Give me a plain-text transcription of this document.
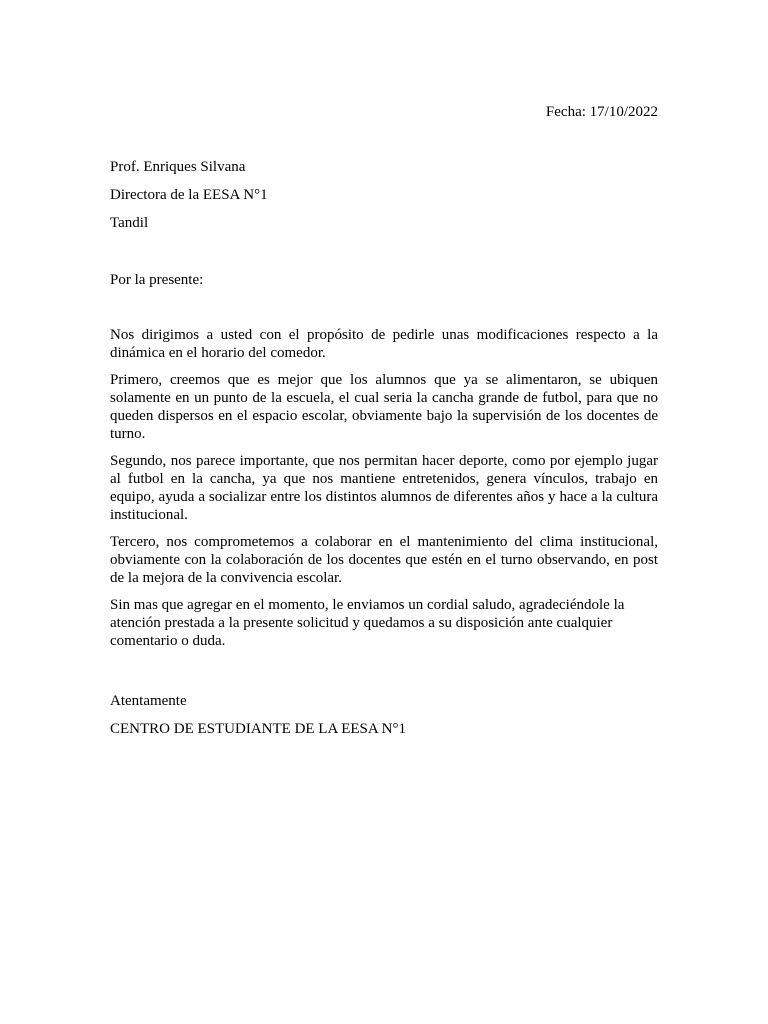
Fecha: 17/10/2022
Prof. Enriques Silvana
Directora de la EESA N°1
Tandil
Por la presente:

Nos dirigimos a usted con el propósito de pedirle unas modificaciones respecto a la dinámica en el horario del comedor.

Primero, creemos que es mejor que los alumnos que ya se alimentaron, se ubiquen solamente en un punto de la escuela, el cual seria la cancha grande de futbol, para que no queden dispersos en el espacio escolar, obviamente bajo la supervisión de los docentes de turno.

Segundo, nos parece importante, que nos permitan hacer deporte, como por ejemplo jugar al futbol en la cancha, ya que nos mantiene entretenidos, genera vínculos, trabajo en equipo, ayuda a socializar entre los distintos alumnos de diferentes años y hace a la cultura institucional.

Tercero, nos comprometemos a colaborar en el mantenimiento del clima institucional, obviamente con la colaboración de los docentes que estén en el turno observando, en post de la mejora de la convivencia escolar.

Sin mas que agregar en el momento, le enviamos un cordial saludo, agradeciéndole la atención prestada a la presente solicitud y quedamos a su disposición ante cualquier comentario o duda.

Atentamente
CENTRO DE ESTUDIANTE DE LA EESA N°1
